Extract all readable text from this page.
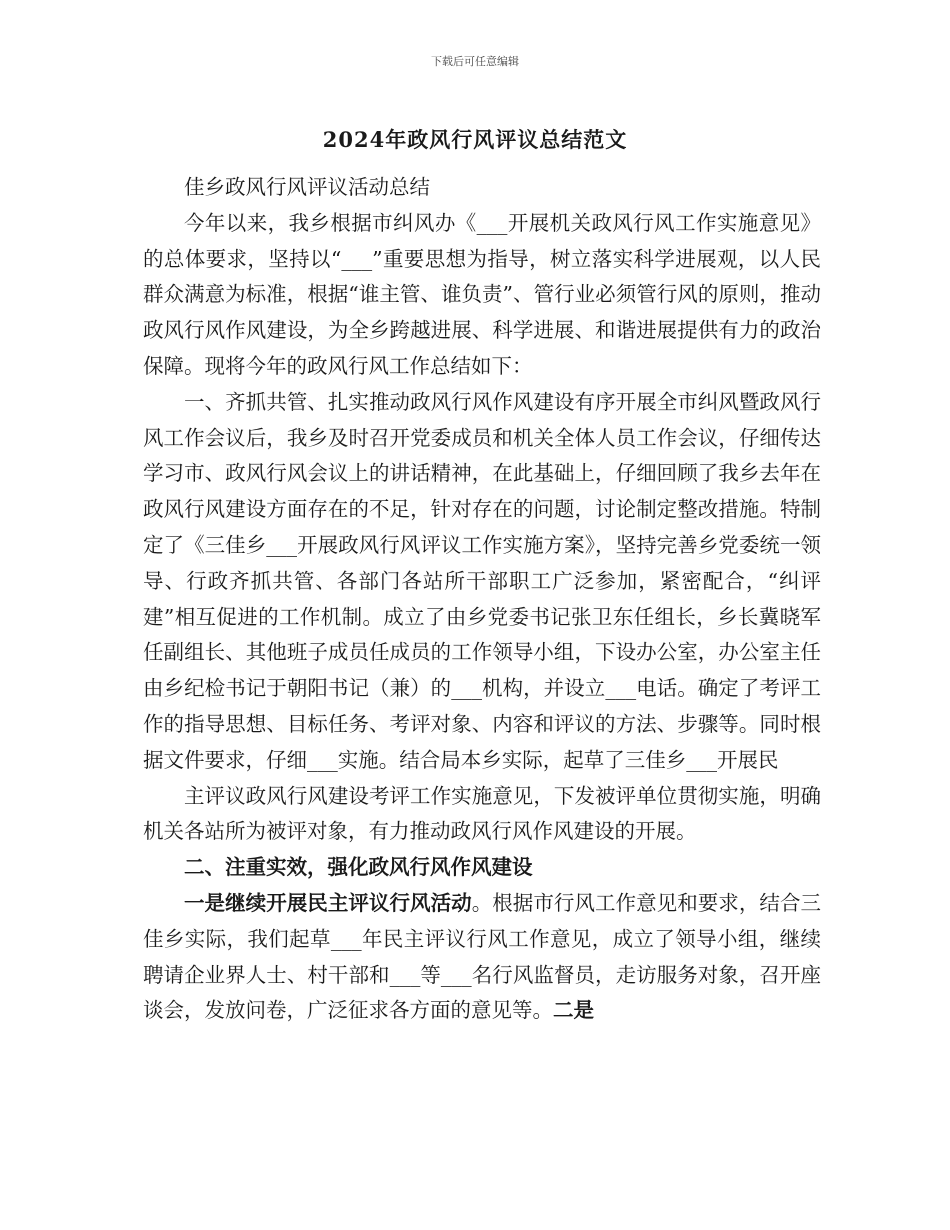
下载后可任意编辑
2024年政风行风评议总结范文

佳乡政风行风评议活动总结

今年以来，我乡根据市纠风办《___开展机关政风行风工作实施意见》的总体要求，坚持以“___”重要思想为指导，树立落实科学进展观，以人民群众满意为标准，根据“谁主管、谁负责”、管行业必须管行风的原则，推动政风行风作风建设，为全乡跨越进展、科学进展、和谐进展提供有力的政治保障。现将今年的政风行风工作总结如下：

一、齐抓共管、扎实推动政风行风作风建设有序开展全市纠风暨政风行风工作会议后，我乡及时召开党委成员和机关全体人员工作会议，仔细传达学习市、政风行风会议上的讲话精神，在此基础上，仔细回顾了我乡去年在政风行风建设方面存在的不足，针对存在的问题，讨论制定整改措施。特制定了《三佳乡___开展政风行风评议工作实施方案》，坚持完善乡党委统一领导、行政齐抓共管、各部门各站所干部职工广泛参加，紧密配合，“纠评建”相互促进的工作机制。成立了由乡党委书记张卫东任组长，乡长冀晓军任副组长、其他班子成员任成员的工作领导小组，下设办公室，办公室主任由乡纪检书记于朝阳书记（兼）的___机构，并设立___电话。确定了考评工作的指导思想、目标任务、考评对象、内容和评议的方法、步骤等。同时根据文件要求，仔细___实施。结合局本乡实际，起草了三佳乡___开展民

主评议政风行风建设考评工作实施意见，下发被评单位贯彻实施，明确机关各站所为被评对象，有力推动政风行风作风建设的开展。

二、注重实效，强化政风行风作风建设

一是继续开展民主评议行风活动。根据市行风工作意见和要求，结合三佳乡实际，我们起草___年民主评议行风工作意见，成立了领导小组，继续聘请企业界人士、村干部和___等___名行风监督员，走访服务对象，召开座谈会，发放问卷，广泛征求各方面的意见等。二是
